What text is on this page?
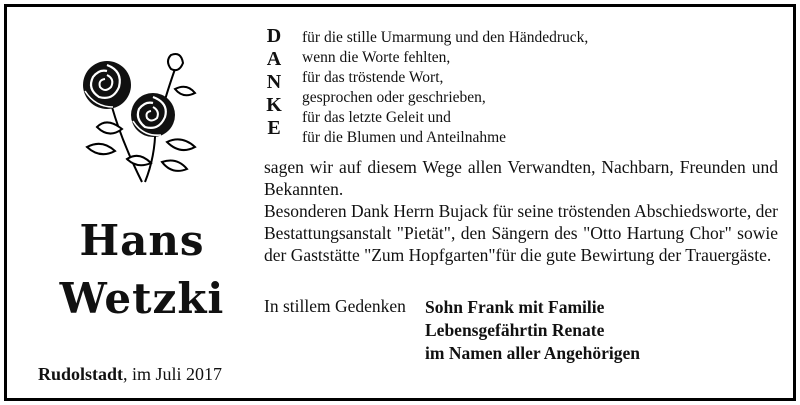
Hans
Wetzki
Rudolstadt, im Juli 2017
D
A
N
K
E
für die stille Umarmung und den Händedruck,
wenn die Worte fehlten,
für das tröstende Wort,
gesprochen oder geschrieben,
für das letzte Geleit und
für die Blumen und Anteilnahme

sagen wir auf diesem Wege allen Verwandten, Nachbarn, Freunden und Bekannten.

Besonderen Dank Herrn Bujack für seine tröstenden Abschiedsworte, der Bestattungsanstalt "Pietät", den Sängern des "Otto Hartung Chor" sowie der Gaststätte "Zum Hopfgarten"für die gute Bewirtung der Trauergäste.

In stillem Gedenken Sohn Frank mit Familie
Lebensgefährtin Renate
im Namen aller Angehörigen
